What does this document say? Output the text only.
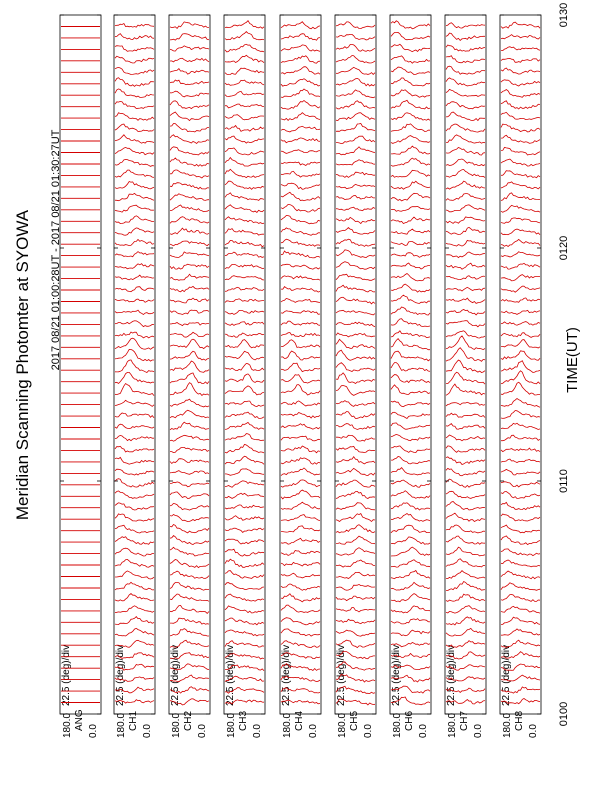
22.5 (deg)/div
180.0 0.0
ANG
22.5 (deg)/div
180.0 0.0
CH1
22.5 (deg)/div
180.0 0.0
CH2
22.5 (deg)/div
180.0 0.0
CH3
22.5 (deg)/div
180.0 0.0
CH4
22.5 (deg)/div
180.0 0.0
CH5
22.5 (deg)/div
180.0 0.0
CH6
22.5 (deg)/div
180.0 0.0
CH7
22.5 (deg)/div
180.0 0.0
CH8	0100
0110
0120
0130
Meridian Scanning Photomter at SYOWA 2017 08/21 01:00:28UT - 2017 08/21 01:30:27UT	TIME(UT)
